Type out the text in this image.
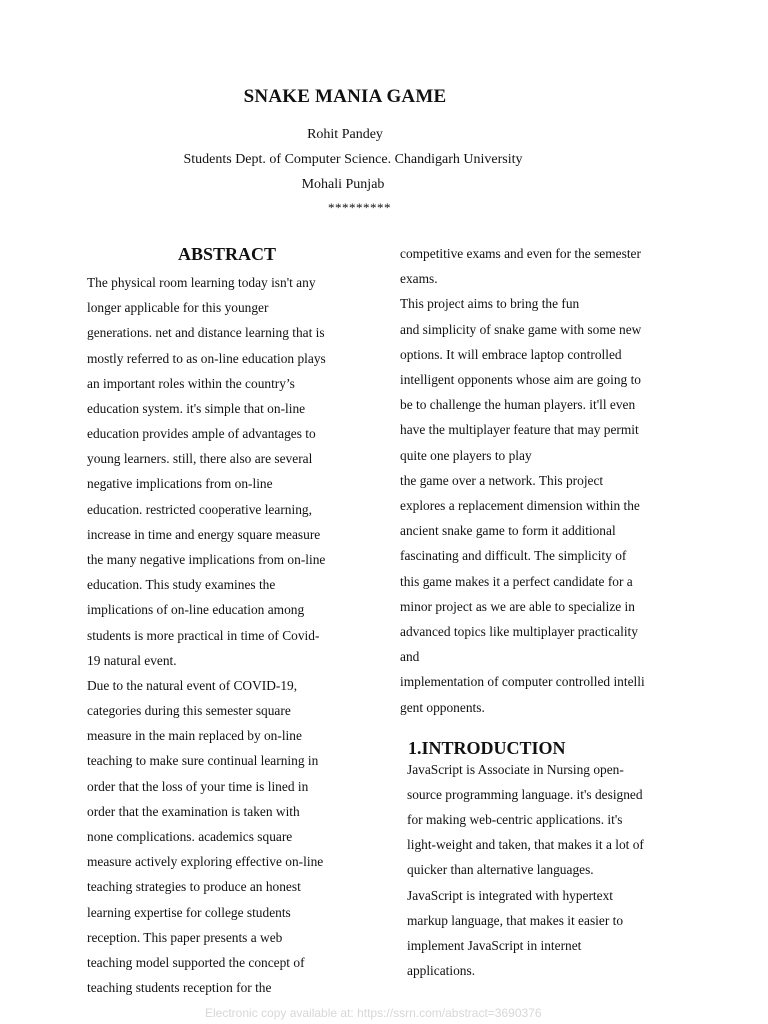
SNAKE MANIA GAME
Rohit Pandey
Students Dept. of Computer Science. Chandigarh University
Mohali Punjab
*********
ABSTRACT
The physical room learning today isn't any
longer applicable for this younger
generations. net and distance learning that is
mostly referred to as on-line education plays
an important roles within the country’s
education system. it's simple that on-line
education provides ample of advantages to
young learners. still, there also are several
negative implications from on-line
education. restricted cooperative learning,
increase in time and energy square measure
the many negative implications from on-line
education. This study examines the
implications of on-line education among
students is more practical in time of Covid-
19 natural event.
Due to the natural event of COVID-19,
categories during this semester square
measure in the main replaced by on-line
teaching to make sure continual learning in
order that the loss of your time is lined in
order that the examination is taken with
none complications. academics square
measure actively exploring effective on-line
teaching strategies to produce an honest
learning expertise for college students
reception. This paper presents a web
teaching model supported the concept of
teaching students reception for the
competitive exams and even for the semester
exams.
This project aims to bring the fun
and simplicity of snake game with some new
options. It will embrace laptop controlled
intelligent opponents whose aim are going to
be to challenge the human players. it'll even
have the multiplayer feature that may permit
quite one players to play
the game over a network. This project
explores a replacement dimension within the
ancient snake game to form it additional
fascinating and difficult. The simplicity of
this game makes it a perfect candidate for a
minor project as we are able to specialize in
advanced topics like multiplayer practicality
and
implementation of computer controlled intelli
gent opponents.
1.INTRODUCTION
JavaScript is Associate in Nursing open-
source programming language. it's designed
for making web-centric applications. it's
light-weight and taken, that makes it a lot of
quicker than alternative languages.
JavaScript is integrated with hypertext
markup language, that makes it easier to
implement JavaScript in internet
applications.
Electronic copy available at: https://ssrn.com/abstract=3690376
